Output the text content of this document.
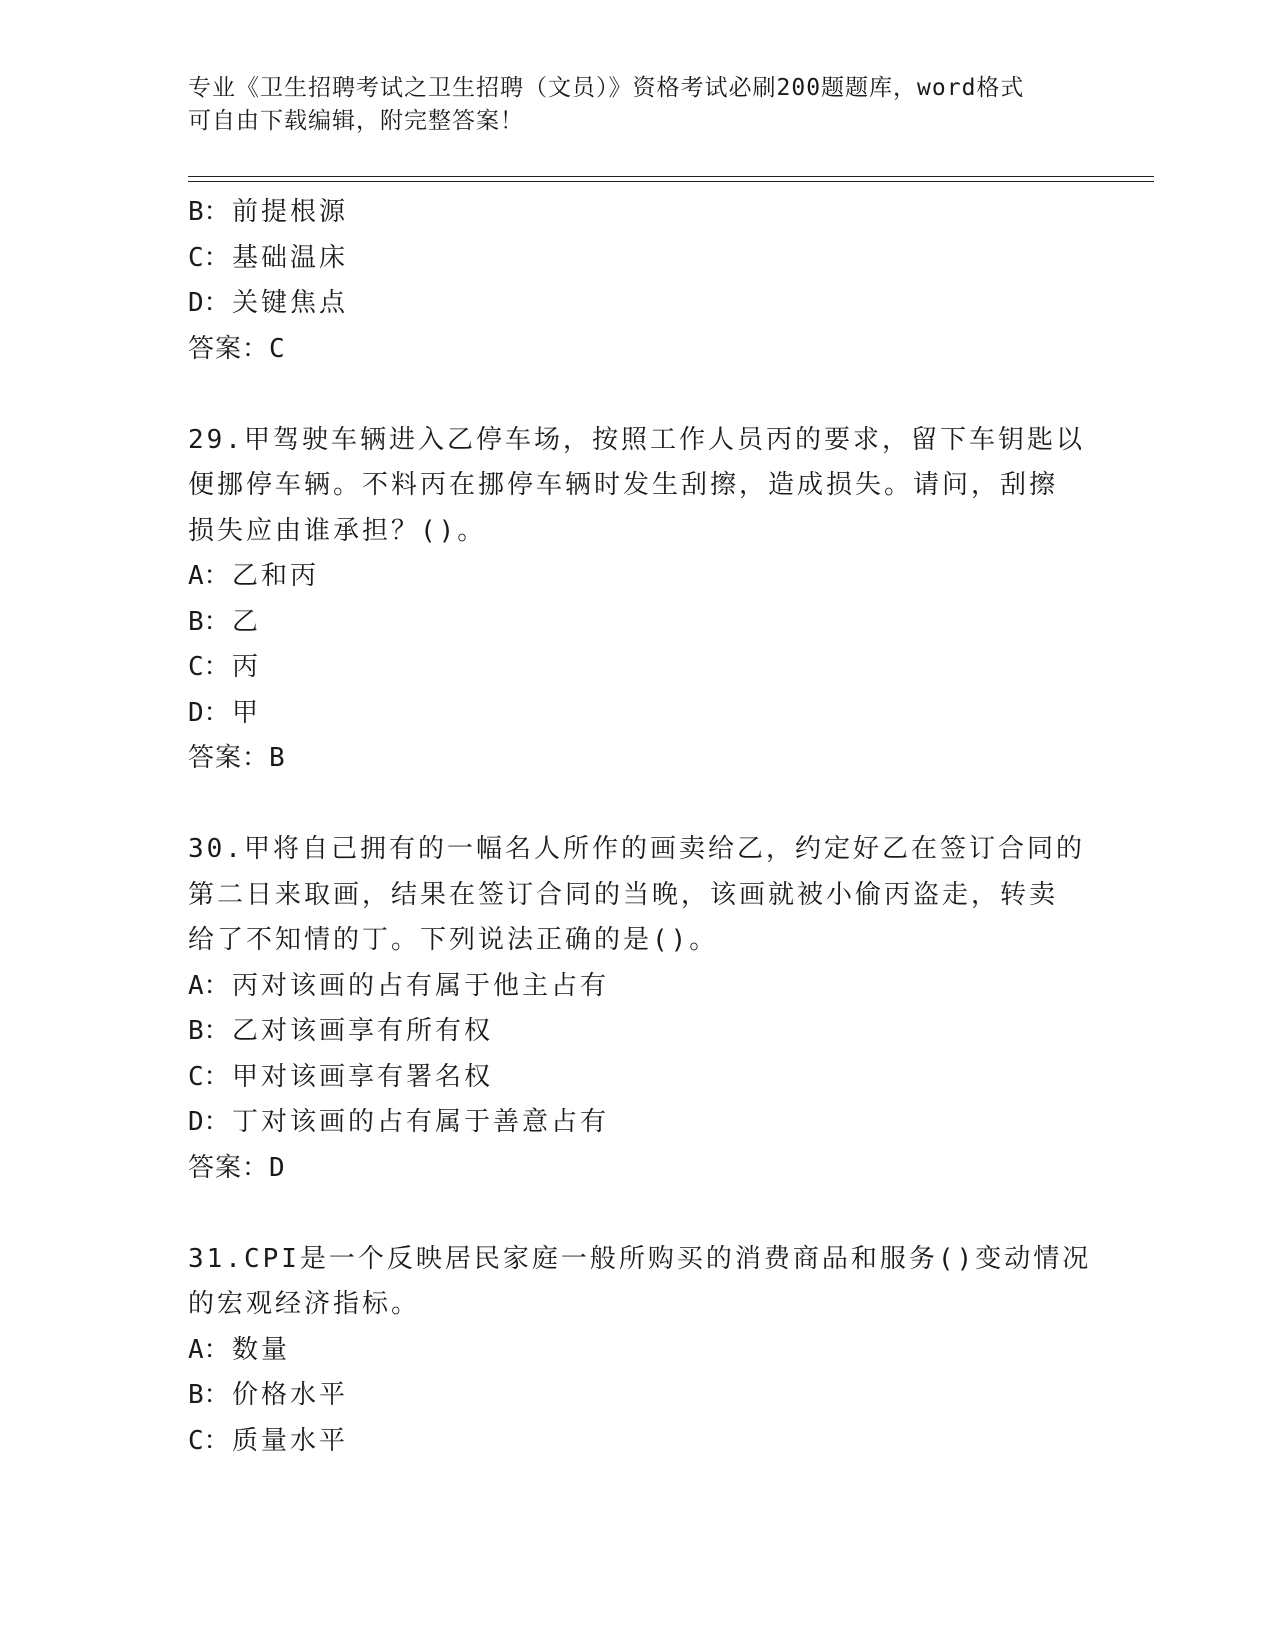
专业《卫生招聘考试之卫生招聘（文员）》资格考试必刷200题题库，word格式
可自由下载编辑，附完整答案！
B：前提根源
C：基础温床
D：关键焦点
答案：C
29.甲驾驶车辆进入乙停车场，按照工作人员丙的要求，留下车钥匙以
便挪停车辆。不料丙在挪停车辆时发生刮擦，造成损失。请问，刮擦
损失应由谁承担？()。
A：乙和丙
B：乙
C：丙
D：甲
答案：B
30.甲将自己拥有的一幅名人所作的画卖给乙，约定好乙在签订合同的
第二日来取画，结果在签订合同的当晚，该画就被小偷丙盗走，转卖
给了不知情的丁。下列说法正确的是()。
A：丙对该画的占有属于他主占有
B：乙对该画享有所有权
C：甲对该画享有署名权
D：丁对该画的占有属于善意占有
答案：D
31.CPI是一个反映居民家庭一般所购买的消费商品和服务()变动情况
的宏观经济指标。
A：数量
B：价格水平
C：质量水平
